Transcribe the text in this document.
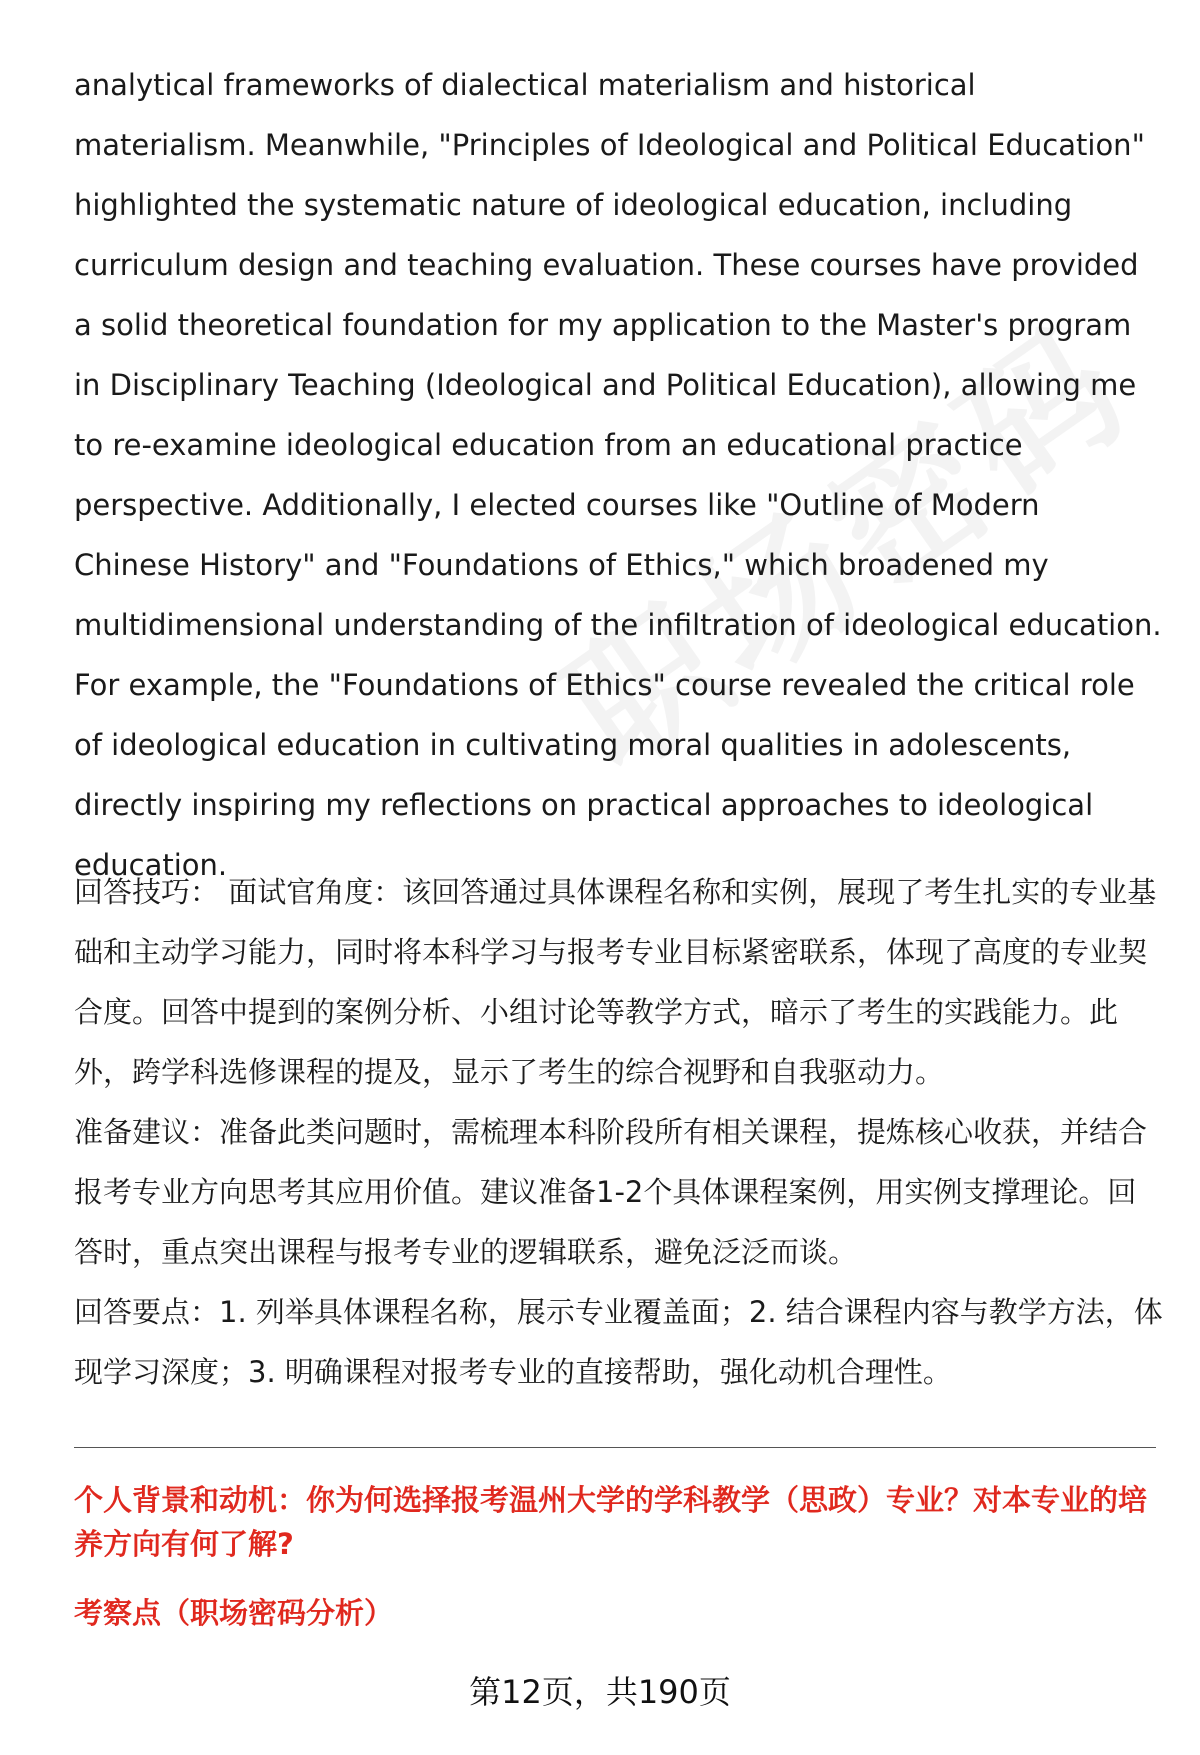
analytical frameworks of dialectical materialism and historical materialism. Meanwhile, "Principles of Ideological and Political Education" highlighted the systematic nature of ideological education, including curriculum design and teaching evaluation. These courses have provided a solid theoretical foundation for my application to the Master's program in Disciplinary Teaching (Ideological and Political Education), allowing me to re-examine ideological education from an educational practice perspective. Additionally, I elected courses like "Outline of Modern Chinese History" and "Foundations of Ethics," which broadened my multidimensional understanding of the infiltration of ideological education. For example, the "Foundations of Ethics" course revealed the critical role of ideological education in cultivating moral qualities in adolescents, directly inspiring my reflections on practical approaches to ideological education.

回答技巧： 面试官角度：该回答通过具体课程名称和实例，展现了考生扎实的专业基础和主动学习能力，同时将本科学习与报考专业目标紧密联系，体现了高度的专业契合度。回答中提到的案例分析、小组讨论等教学方式，暗示了考生的实践能力。此外，跨学科选修课程的提及，显示了考生的综合视野和自我驱动力。

准备建议：准备此类问题时，需梳理本科阶段所有相关课程，提炼核心收获，并结合报考专业方向思考其应用价值。建议准备1-2个具体课程案例，用实例支撑理论。回答时，重点突出课程与报考专业的逻辑联系，避免泛泛而谈。

回答要点：1. 列举具体课程名称，展示专业覆盖面；2. 结合课程内容与教学方法，体现学习深度；3. 明确课程对报考专业的直接帮助，强化动机合理性。

个人背景和动机：你为何选择报考温州大学的学科教学（思政）专业？对本专业的培养方向有何了解?

考察点（职场密码分析）

第12页，共190页
